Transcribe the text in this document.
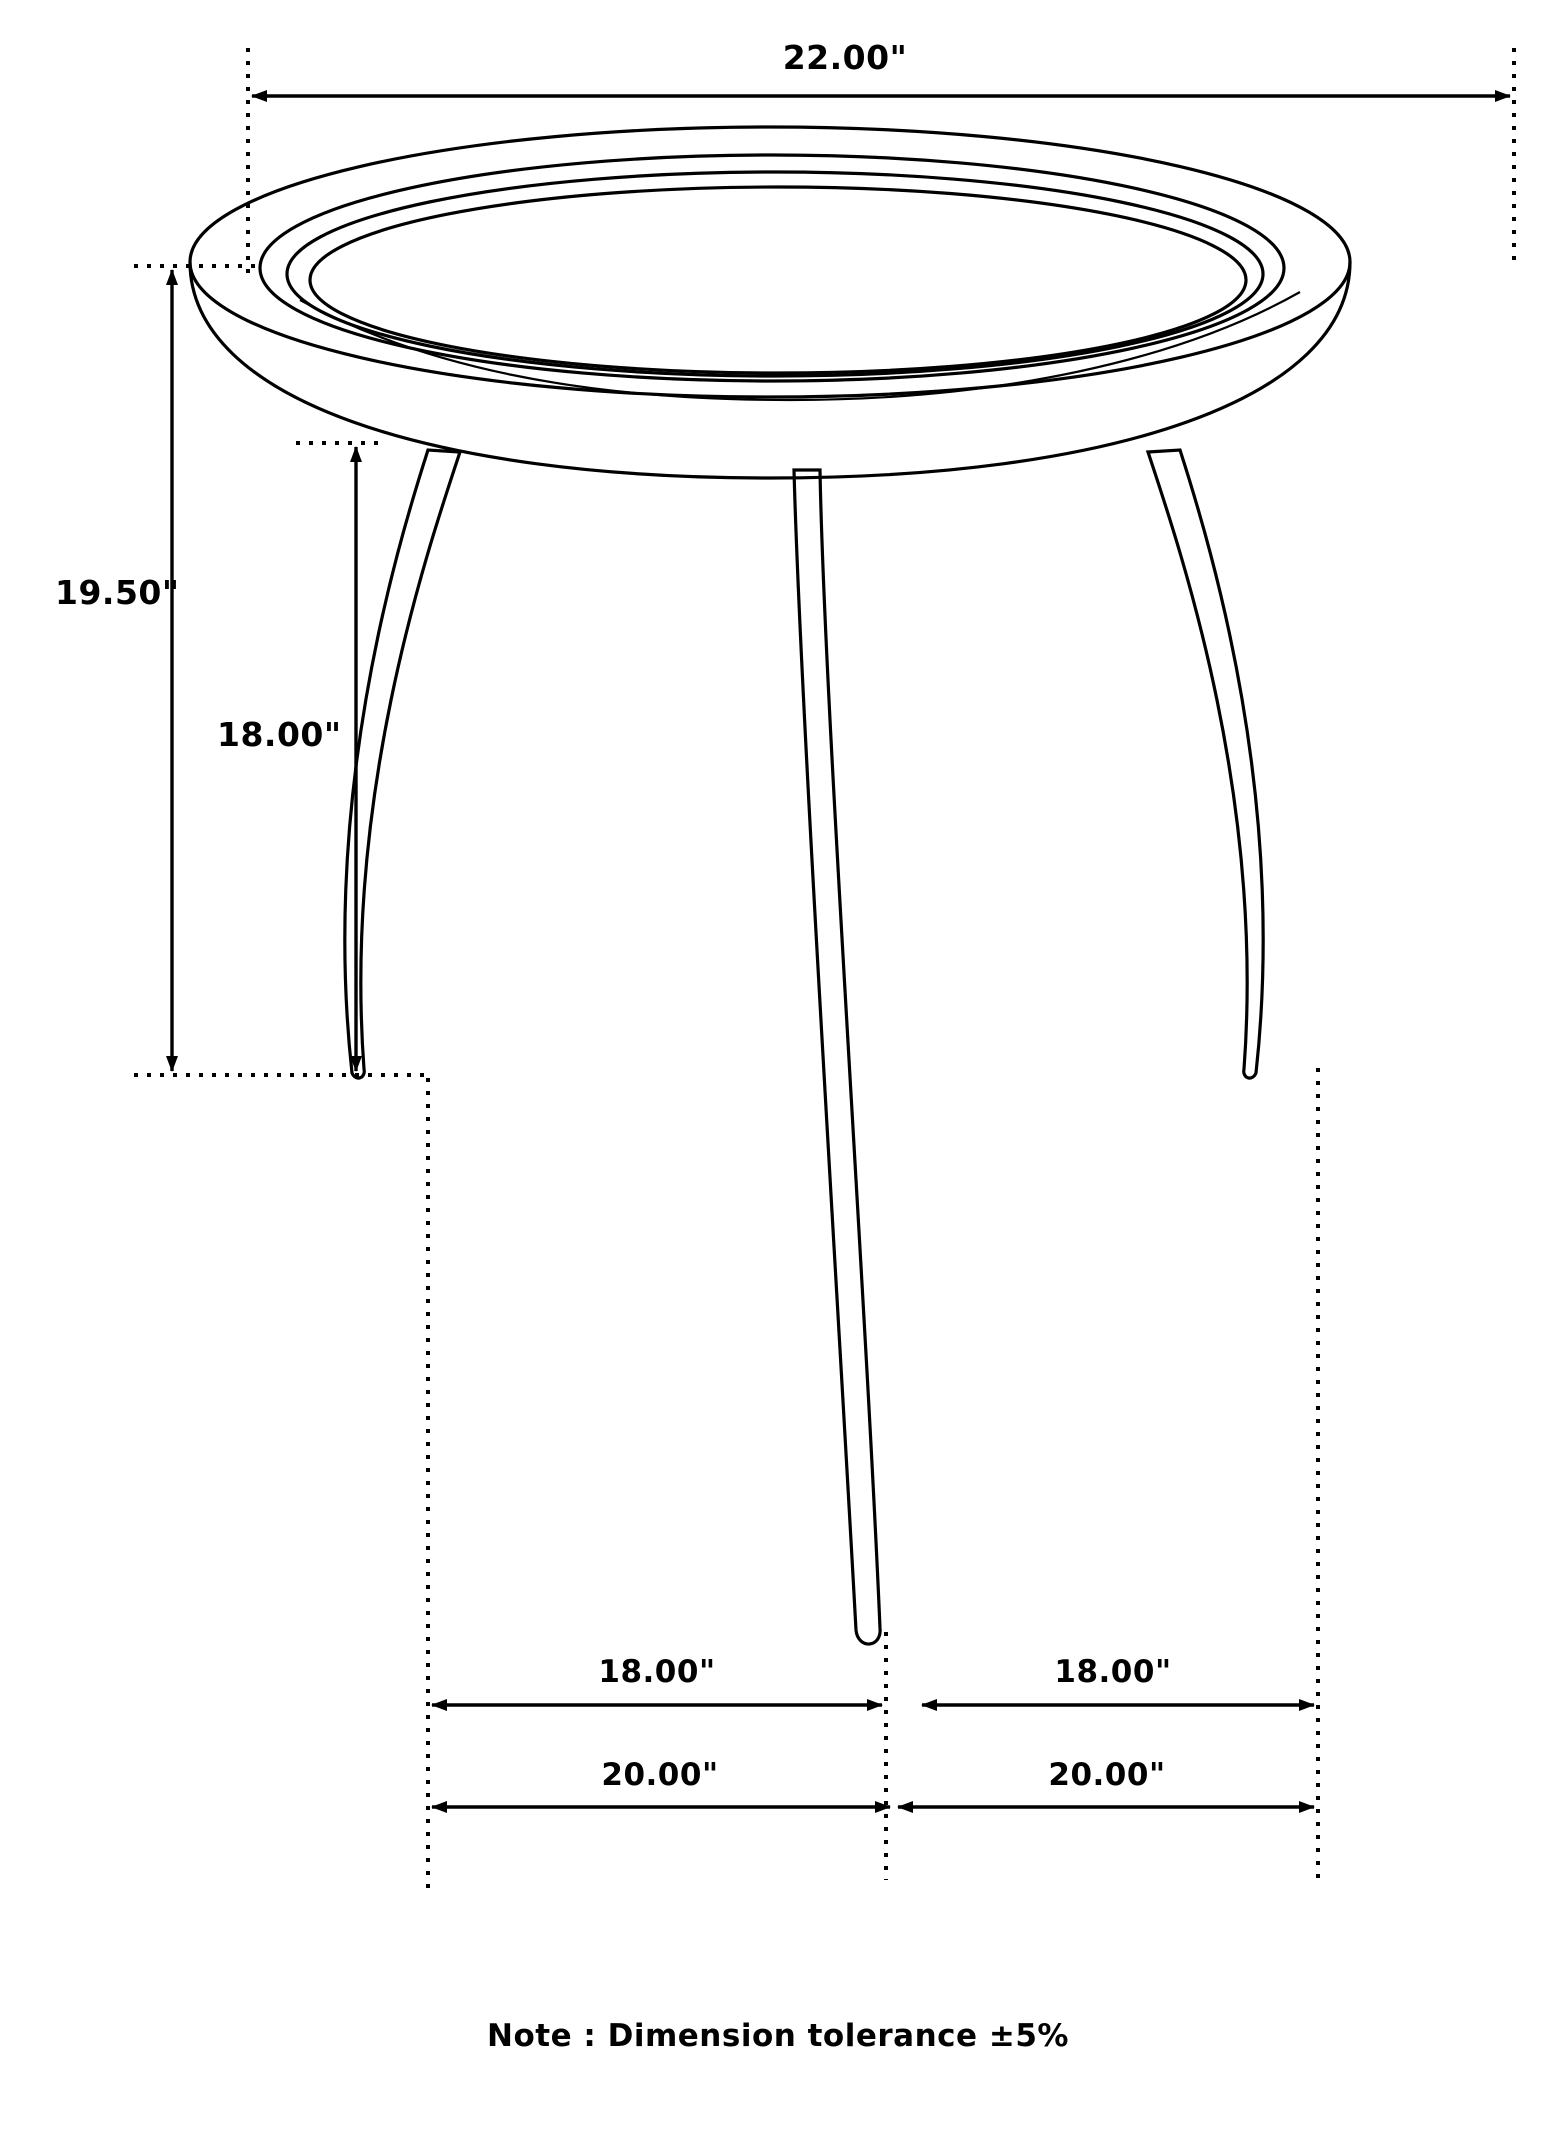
22.00"
19.50"
18.00"
18.00"	18.00"
20.00"	20.00"
Note : Dimension tolerance ±5%
